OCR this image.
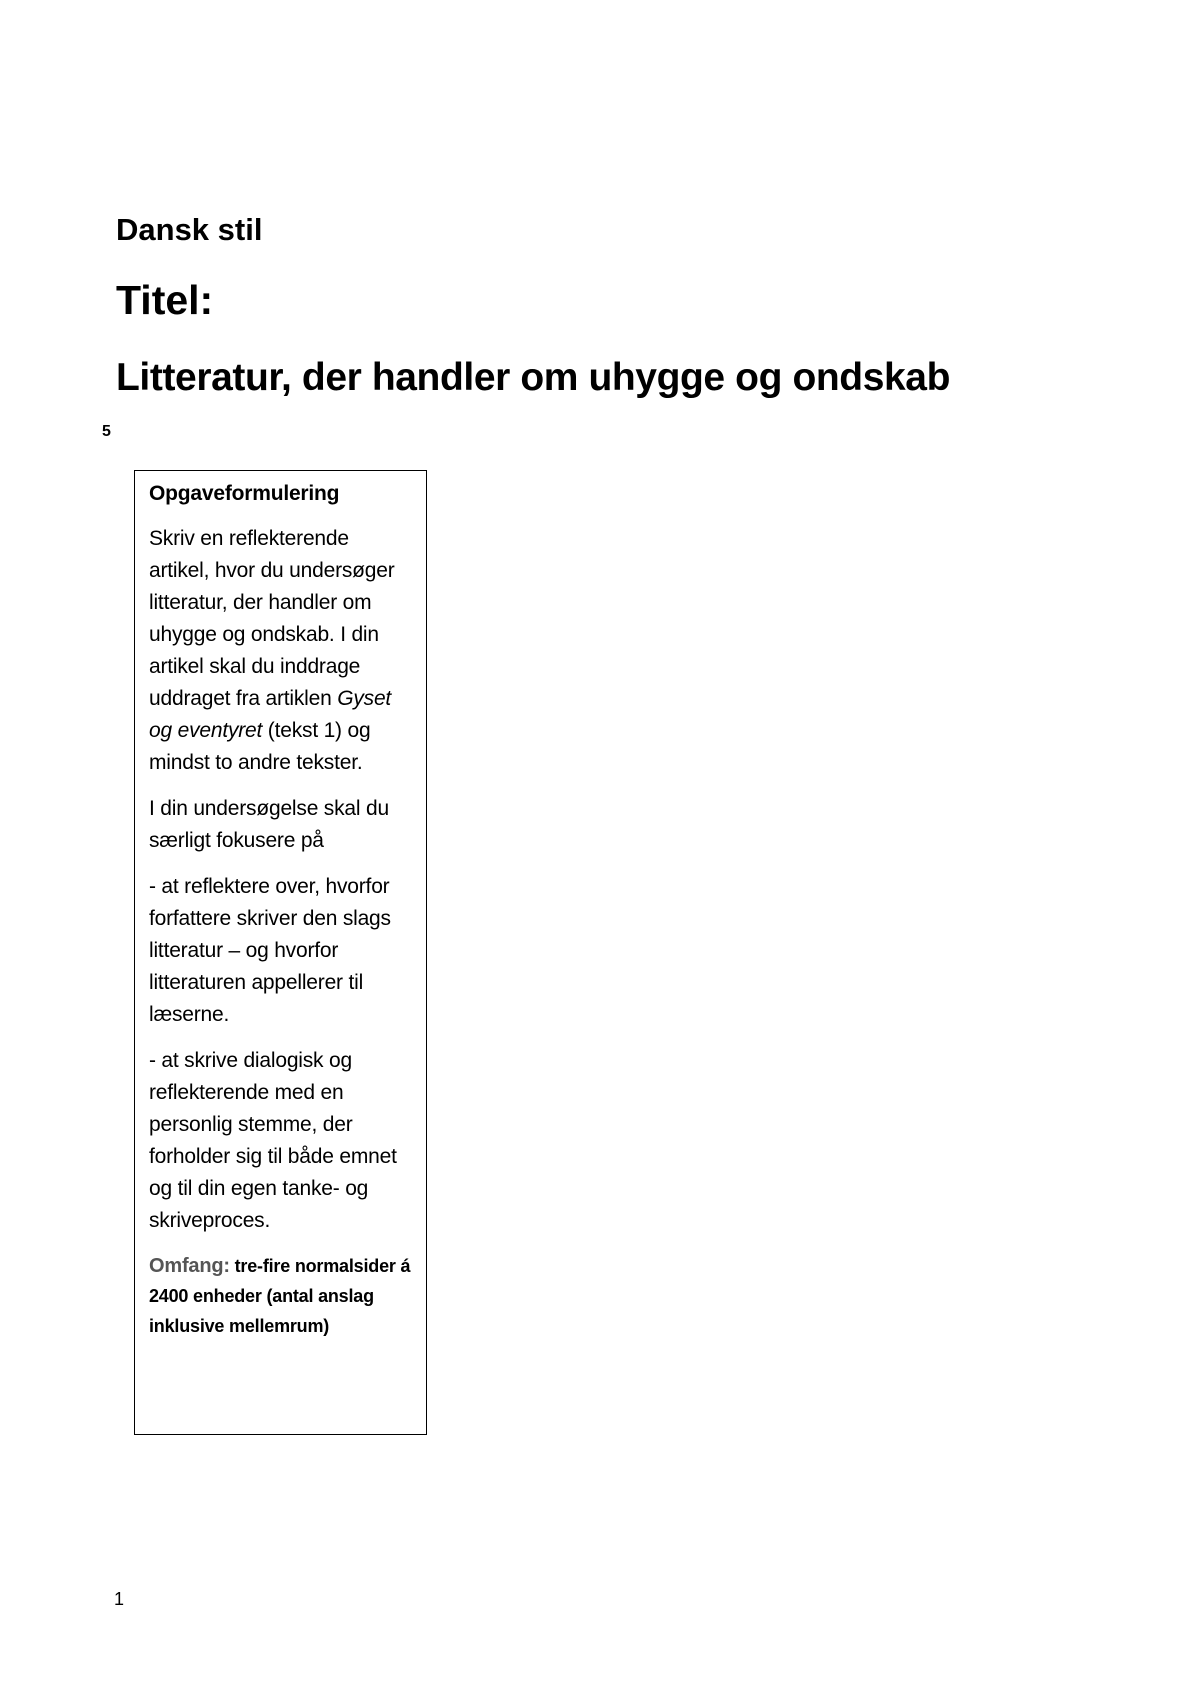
Dansk stil
Titel:
Litteratur, der handler om uhygge og ondskab
5

Opgaveformulering

Skriv en reflekterende artikel, hvor du undersøger litteratur, der handler om uhygge og ondskab. I din artikel skal du inddrage uddraget fra artiklen Gyset og eventyret (tekst 1) og mindst to andre tekster.

I din undersøgelse skal du særligt fokusere på

- at reflektere over, hvorfor forfattere skriver den slags litteratur – og hvorfor litteraturen appellerer til læserne.

- at skrive dialogisk og reflekterende med en personlig stemme, der forholder sig til både emnet og til din egen tanke- og skriveproces.

Omfang: tre-fire normalsider á 2400 enheder (antal anslag inklusive mellemrum)

1
